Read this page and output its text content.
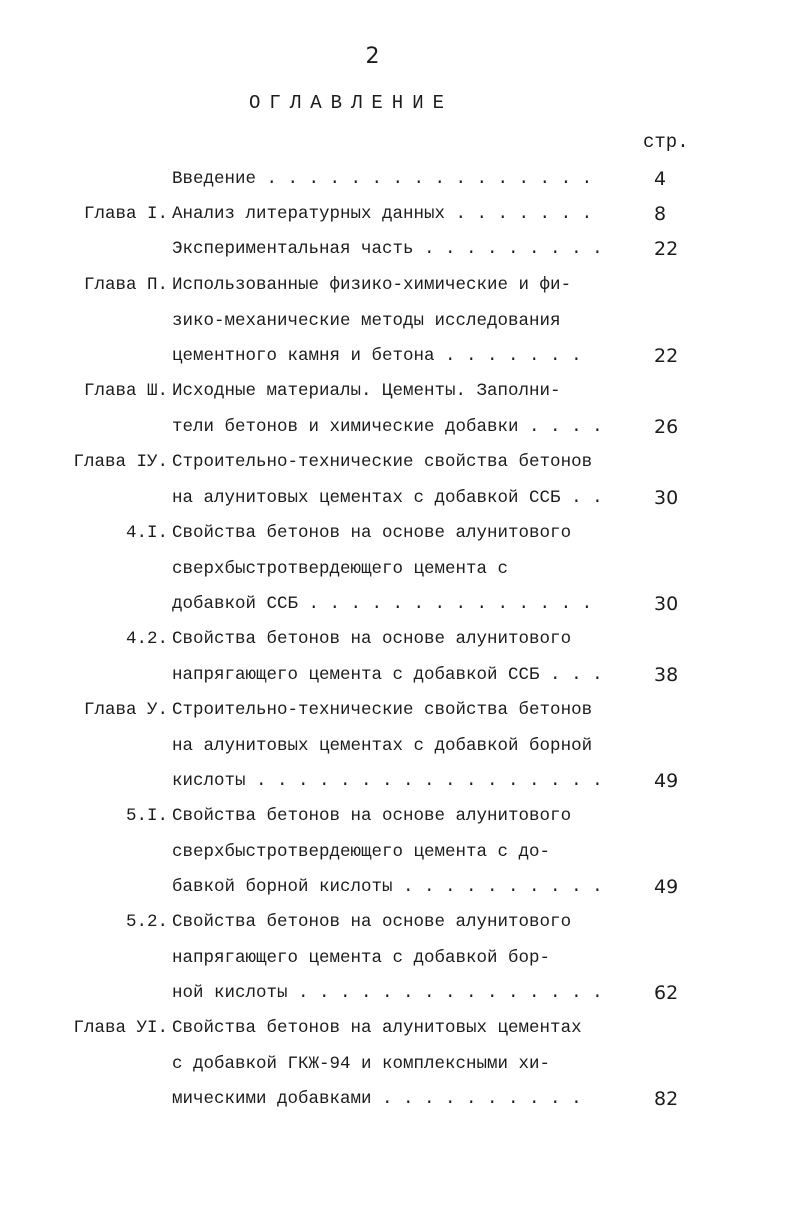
2
ОГЛАВЛЕНИЕ
стр.
Введение . . . . . . . . . . . . . . . .	4
Глава I. Анализ литературных данных . . . . . . .	8
Экспериментальная часть . . . . . . . . .	22
Глава П. Использованные физико-химические и фи-
зико-механические методы исследования
цементного камня и бетона . . . . . . .	22
Глава Ш. Исходные материалы. Цементы. Заполни-
тели бетонов и химические добавки . . . .	26
Глава ІУ. Строительно-технические свойства бетонов
на алунитовых цементах с добавкой ССБ . .	30
4.I. Свойства бетонов на основе алунитового
сверхбыстротвердеющего цемента с
добавкой ССБ . . . . . . . . . . . . . .	30
4.2. Свойства бетонов на основе алунитового
напрягающего цемента с добавкой ССБ . . .	38
Глава У. Строительно-технические свойства бетонов
на алунитовых цементах с добавкой борной
кислоты . . . . . . . . . . . . . . . . .	49
5.I. Свойства бетонов на основе алунитового
сверхбыстротвердеющего цемента с до-
бавкой борной кислоты . . . . . . . . . .	49
5.2. Свойства бетонов на основе алунитового
напрягающего цемента с добавкой бор-
ной кислоты . . . . . . . . . . . . . . .	62
Глава УІ. Свойства бетонов на алунитовых цементах
с добавкой ГКЖ-94 и комплексными хи-
мическими добавками . . . . . . . . . .	82
